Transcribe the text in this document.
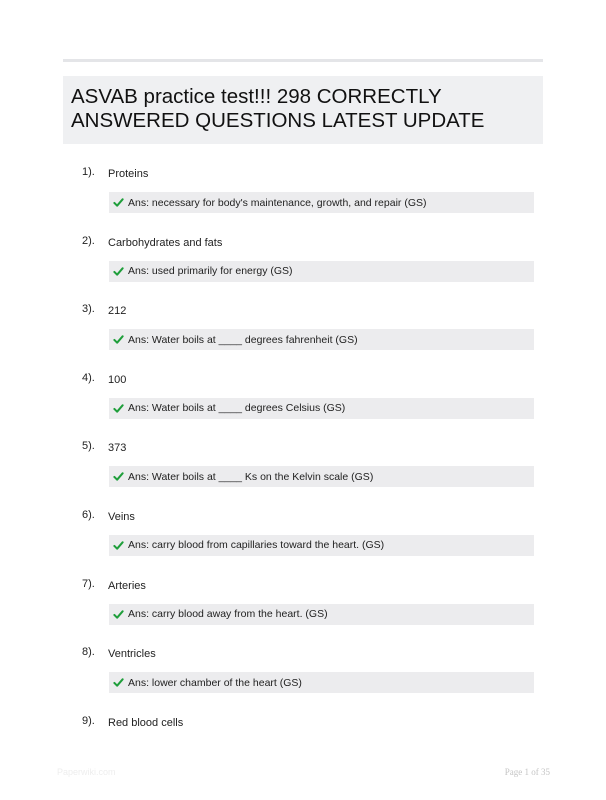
ASVAB practice test!!! 298 CORRECTLY ANSWERED QUESTIONS LATEST UPDATE
1). Proteins
Ans: necessary for body's maintenance, growth, and repair (GS)
2). Carbohydrates and fats
Ans: used primarily for energy (GS)
3). 212
Ans: Water boils at ____ degrees fahrenheit (GS)
4). 100
Ans: Water boils at ____ degrees Celsius (GS)
5). 373
Ans: Water boils at ____ Ks on the Kelvin scale (GS)
6). Veins
Ans: carry blood from capillaries toward the heart. (GS)
7). Arteries
Ans: carry blood away from the heart. (GS)
8). Ventricles
Ans: lower chamber of the heart (GS)
9). Red blood cells
Paperwiki.com	Page 1 of 35
